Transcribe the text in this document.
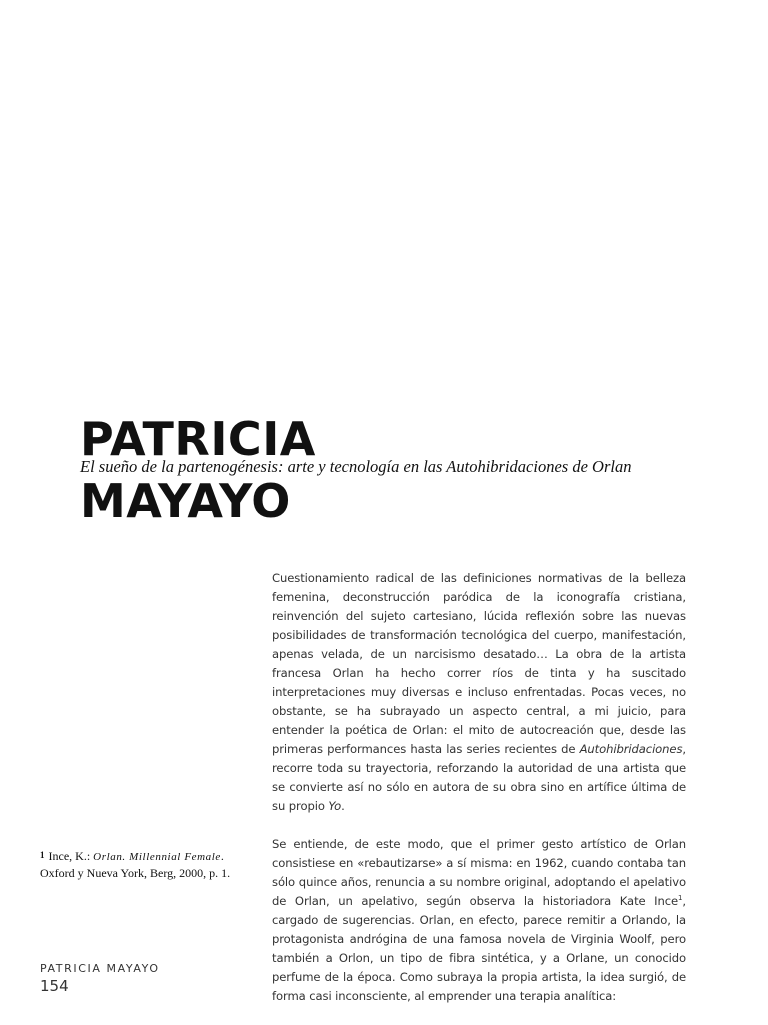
PATRICIA
El sueño de la partenogénesis: arte y tecnología en las Autohibridaciones de Orlan
MAYAYO

Cuestionamiento radical de las definiciones normativas de la belleza femenina, deconstrucción paródica de la iconografía cristiana, reinvención del sujeto cartesiano, lúcida reflexión sobre las nuevas posibilidades de transformación tecnológica del cuerpo, manifestación, apenas velada, de un narcisismo desatado… La obra de la artista francesa Orlan ha hecho correr ríos de tinta y ha suscitado interpretaciones muy diversas e incluso enfrentadas. Pocas veces, no obstante, se ha subrayado un aspecto central, a mi juicio, para entender la poética de Orlan: el mito de autocreación que, desde las primeras performances hasta las series recientes de Autohibridaciones, recorre toda su trayectoria, reforzando la autoridad de una artista que se convierte así no sólo en autora de su obra sino en artífice última de su propio Yo.

Se entiende, de este modo, que el primer gesto artístico de Orlan consistiese en «rebautizarse» a sí misma: en 1962, cuando contaba tan sólo quince años, renuncia a su nombre original, adoptando el apelativo de Orlan, un apelativo, según observa la historiadora Kate Ince$^1$, cargado de sugerencias. Orlan, en efecto, parece remitir a Orlando, la protagonista andrógina de una famosa novela de Virginia Woolf, pero también a Orlon, un tipo de fibra sintética, y a Orlane, un conocido perfume de la época. Como subraya la propia artista, la idea surgió, de forma casi inconsciente, al emprender una terapia analítica:

1 Ince, K.: Orlan. Millennial Female. Oxford y Nueva York, Berg, 2000, p. 1.
PATRICIA MAYAYO
154
